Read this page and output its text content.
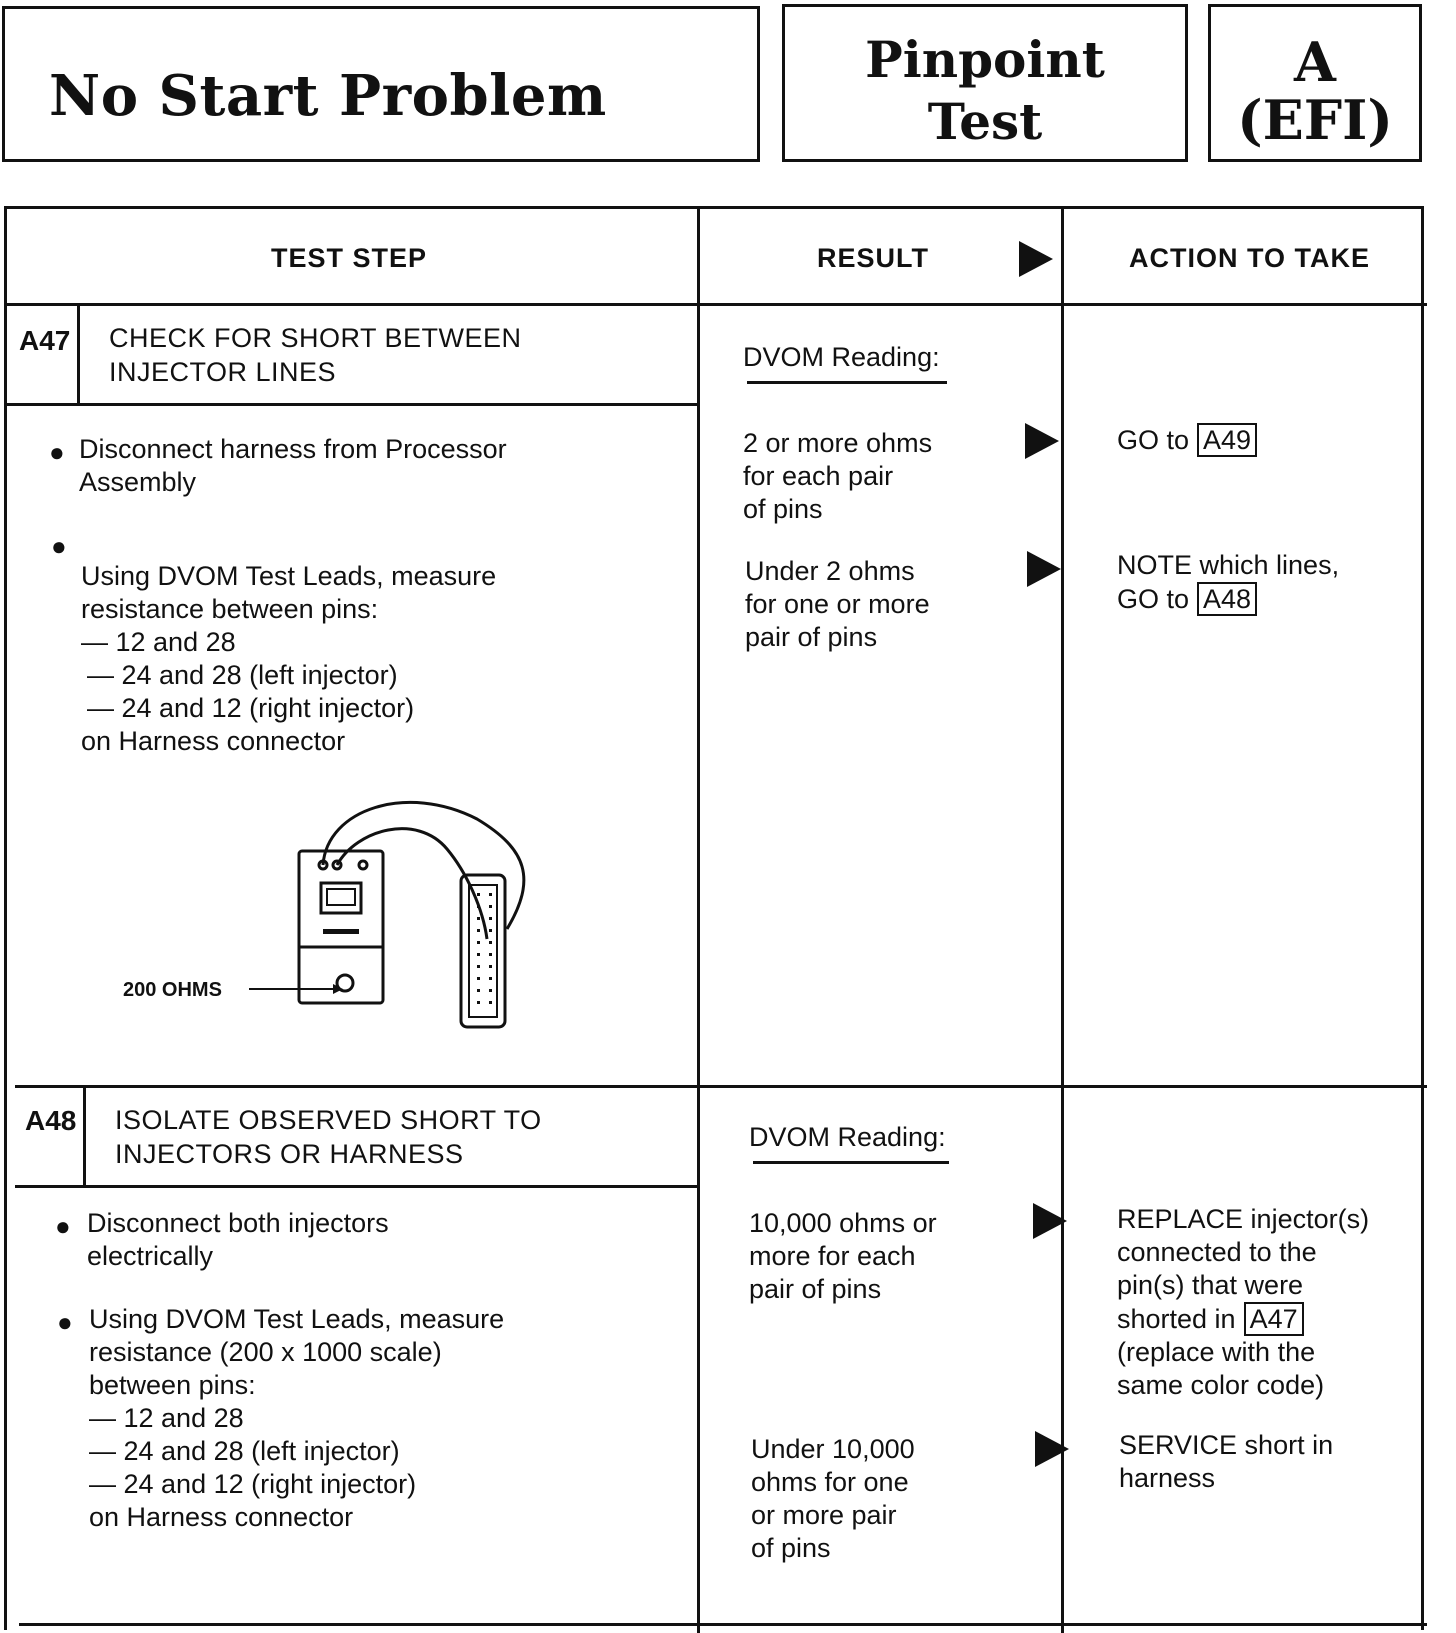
No Start Problem
Pinpoint
Test
A
(EFI)
TEST STEP	RESULT	ACTION TO TAKE
A47 CHECK FOR SHORT BETWEEN
INJECTOR LINES
● Disconnect harness from Processor
Assembly
●

Using DVOM Test Leads, measure
resistance between pins:
— 12 and 28
— 24 and 28 (left injector)
— 24 and 12 (right injector)
on Harness connector
200 OHMS
DVOM Reading:
2 or more ohms
for each pair
of pins
GO to A49
Under 2 ohms
for one or more
pair of pins
NOTE which lines,
GO to A48
A48 ISOLATE OBSERVED SHORT TO
INJECTORS OR HARNESS
● Disconnect both injectors
electrically
● Using DVOM Test Leads, measure
resistance (200 x 1000 scale)
between pins:
— 12 and 28
— 24 and 28 (left injector)
— 24 and 12 (right injector)
on Harness connector
DVOM Reading:
10,000 ohms or
more for each
pair of pins
REPLACE injector(s)
connected to the
pin(s) that were
shorted in A47
(replace with the
same color code)
Under 10,000
ohms for one
or more pair
of pins
SERVICE short in
harness
